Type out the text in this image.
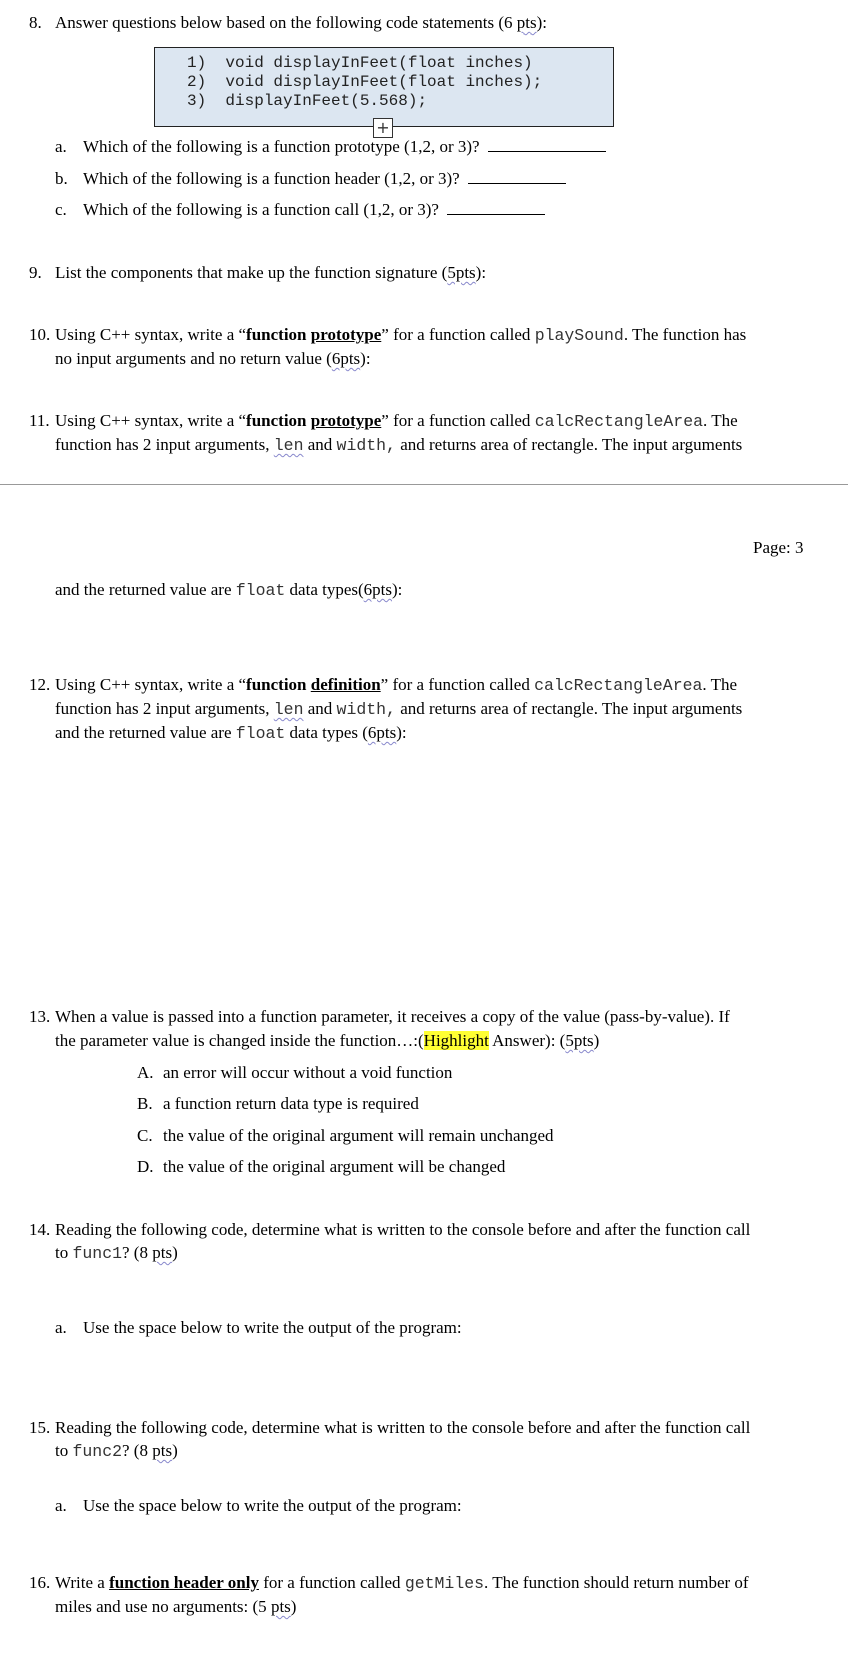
8. Answer questions below based on the following code statements (6 pts):
1)  void displayInFeet(float inches)
2)  void displayInFeet(float inches);
3)  displayInFeet(5.568);
+
a. Which of the following is a function prototype (1,2, or 3)?
b. Which of the following is a function header (1,2, or 3)?
c. Which of the following is a function call (1,2, or 3)?
9. List the components that make up the function signature (5pts):
10. Using C++ syntax, write a “function prototype” for a function called playSound. The function has
no input arguments and no return value (6pts):
11. Using C++ syntax, write a “function prototype” for a function called calcRectangleArea. The
function has 2 input arguments, len and width, and returns area of rectangle. The input arguments
Page: 3
and the returned value are float data types(6pts):
12. Using C++ syntax, write a “function definition” for a function called calcRectangleArea. The
function has 2 input arguments, len and width, and returns area of rectangle. The input arguments
and the returned value are float data types (6pts):
13. When a value is passed into a function parameter, it receives a copy of the value (pass-by-value). If
the parameter value is changed inside the function…:(Highlight Answer): (5pts)
A. an error will occur without a void function
B. a function return data type is required
C. the value of the original argument will remain unchanged
D. the value of the original argument will be changed
14. Reading the following code, determine what is written to the console before and after the function call
to func1? (8 pts)
a. Use the space below to write the output of the program:
15. Reading the following code, determine what is written to the console before and after the function call
to func2? (8 pts)
a. Use the space below to write the output of the program:
16. Write a function header only for a function called getMiles. The function should return number of
miles and use no arguments: (5 pts)
